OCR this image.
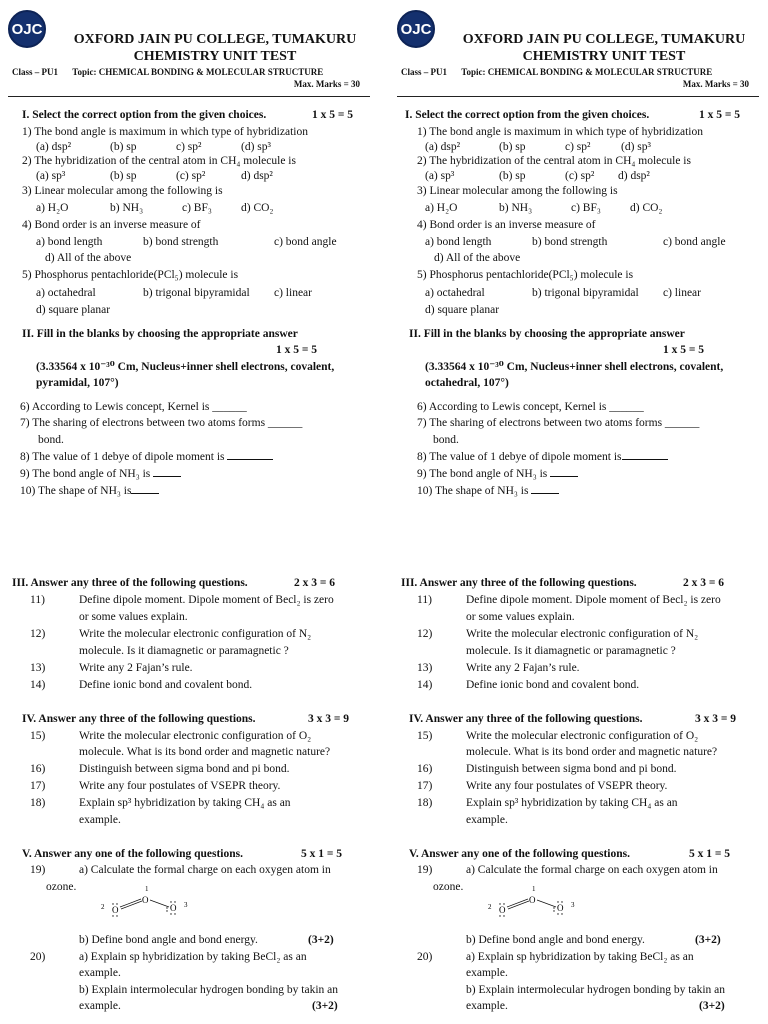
OJC
OXFORD JAIN PU COLLEGE, TUMAKURU
CHEMISTRY UNIT TEST
Class – PU1 Topic: CHEMICAL BONDING & MOLECULAR STRUCTURE
Max. Marks = 30
I. Select the correct option from the given choices.	1 x 5 = 5
1) The bond angle is maximum in which type of hybridization
(a) dsp²	(b) sp	c) sp²	(d) sp³
2) The hybridization of the central atom in CH₄ molecule is
(a) sp³	(b) sp	(c) sp²	d) dsp²
3) Linear molecular among the following is
a) H₂O	b) NH₃	c) BF₃	d) CO₂
4) Bond order is an inverse measure of
a) bond length	b) bond strength	c) bond angle
d) All of the above
5) Phosphorus pentachloride(PCl₅) molecule is
a) octahedral	b) trigonal bipyramidal c) linear
d) square planar
II. Fill in the blanks by choosing the appropriate answer
1 x 5 = 5
(3.33564 x 10⁻³⁰ Cm, Nucleus+inner shell electrons, covalent,
pyramidal, 107°)
6) According to Lewis concept, Kernel is ______
7) The sharing of electrons between two atoms forms ______
bond.
8) The value of 1 debye of dipole moment is
9) The bond angle of NH₃ is
10) The shape of NH₃ is
III. Answer any three of the following questions.	2 x 3 = 6
11)	Define dipole moment. Dipole moment of Becl₂ is zero
or some values explain.
12)	Write the molecular electronic configuration of N₂
molecule. Is it diamagnetic or paramagnetic ?
13)	Write any 2 Fajan’s rule.
14)	Define ionic bond and covalent bond.
IV. Answer any three of the following questions.	3 x 3 = 9
15)	Write the molecular electronic configuration of O₂
molecule. What is its bond order and magnetic nature?
16)	Distinguish between sigma bond and pi bond.
17)	Write any four postulates of VSEPR theory.
18)	Explain sp³ hybridization by taking CH₄ as an
example.
V. Answer any one of the following questions.	5 x 1 = 5
19)	a) Calculate the formal charge on each oxygen atom in
ozone.	1
2	3
O
O	O
b) Define bond angle and bond energy.	(3+2)
20)	a) Explain sp hybridization by taking BeCl₂ as an
example.
b) Explain intermolecular hydrogen bonding by takin an
example.	(3+2)
OJC
OXFORD JAIN PU COLLEGE, TUMAKURU
CHEMISTRY UNIT TEST
Class – PU1 Topic: CHEMICAL BONDING & MOLECULAR STRUCTURE
Max. Marks = 30
I. Select the correct option from the given choices.	1 x 5 = 5
1) The bond angle is maximum in which type of hybridization
(a) dsp²	(b) sp	c) sp²	(d) sp³
2) The hybridization of the central atom in CH₄ molecule is
(a) sp³	(b) sp	(c) sp² d) dsp²
3) Linear molecular among the following is
a) H₂O	b) NH₃	c) BF₃	d) CO₂
4) Bond order is an inverse measure of
a) bond length	b) bond strength	c) bond angle
d) All of the above
5) Phosphorus pentachloride(PCl₅) molecule is
a) octahedral	b) trigonal bipyramidal c) linear
d) square planar
II. Fill in the blanks by choosing the appropriate answer
1 x 5 = 5
(3.33564 x 10⁻³⁰ Cm, Nucleus+inner shell electrons, covalent,
octahedral, 107°)
6) According to Lewis concept, Kernel is ______
7) The sharing of electrons between two atoms forms ______
bond.
8) The value of 1 debye of dipole moment is
9) The bond angle of NH₃ is
10) The shape of NH₃ is
III. Answer any three of the following questions.	2 x 3 = 6
11)	Define dipole moment. Dipole moment of Becl₂ is zero
or some values explain.
12)	Write the molecular electronic configuration of N₂
molecule. Is it diamagnetic or paramagnetic ?
13)	Write any 2 Fajan’s rule.
14)	Define ionic bond and covalent bond.
IV. Answer any three of the following questions.	3 x 3 = 9
15)	Write the molecular electronic configuration of O₂
molecule. What is its bond order and magnetic nature?
16)	Distinguish between sigma bond and pi bond.
17)	Write any four postulates of VSEPR theory.
18)	Explain sp³ hybridization by taking CH₄ as an
example.
V. Answer any one of the following questions.	5 x 1 = 5
19)	a) Calculate the formal charge on each oxygen atom in
ozone.	1
2	3
O
O	O
b) Define bond angle and bond energy.	(3+2)
20)	a) Explain sp hybridization by taking BeCl₂ as an
example.
b) Explain intermolecular hydrogen bonding by takin an
example.	(3+2)
